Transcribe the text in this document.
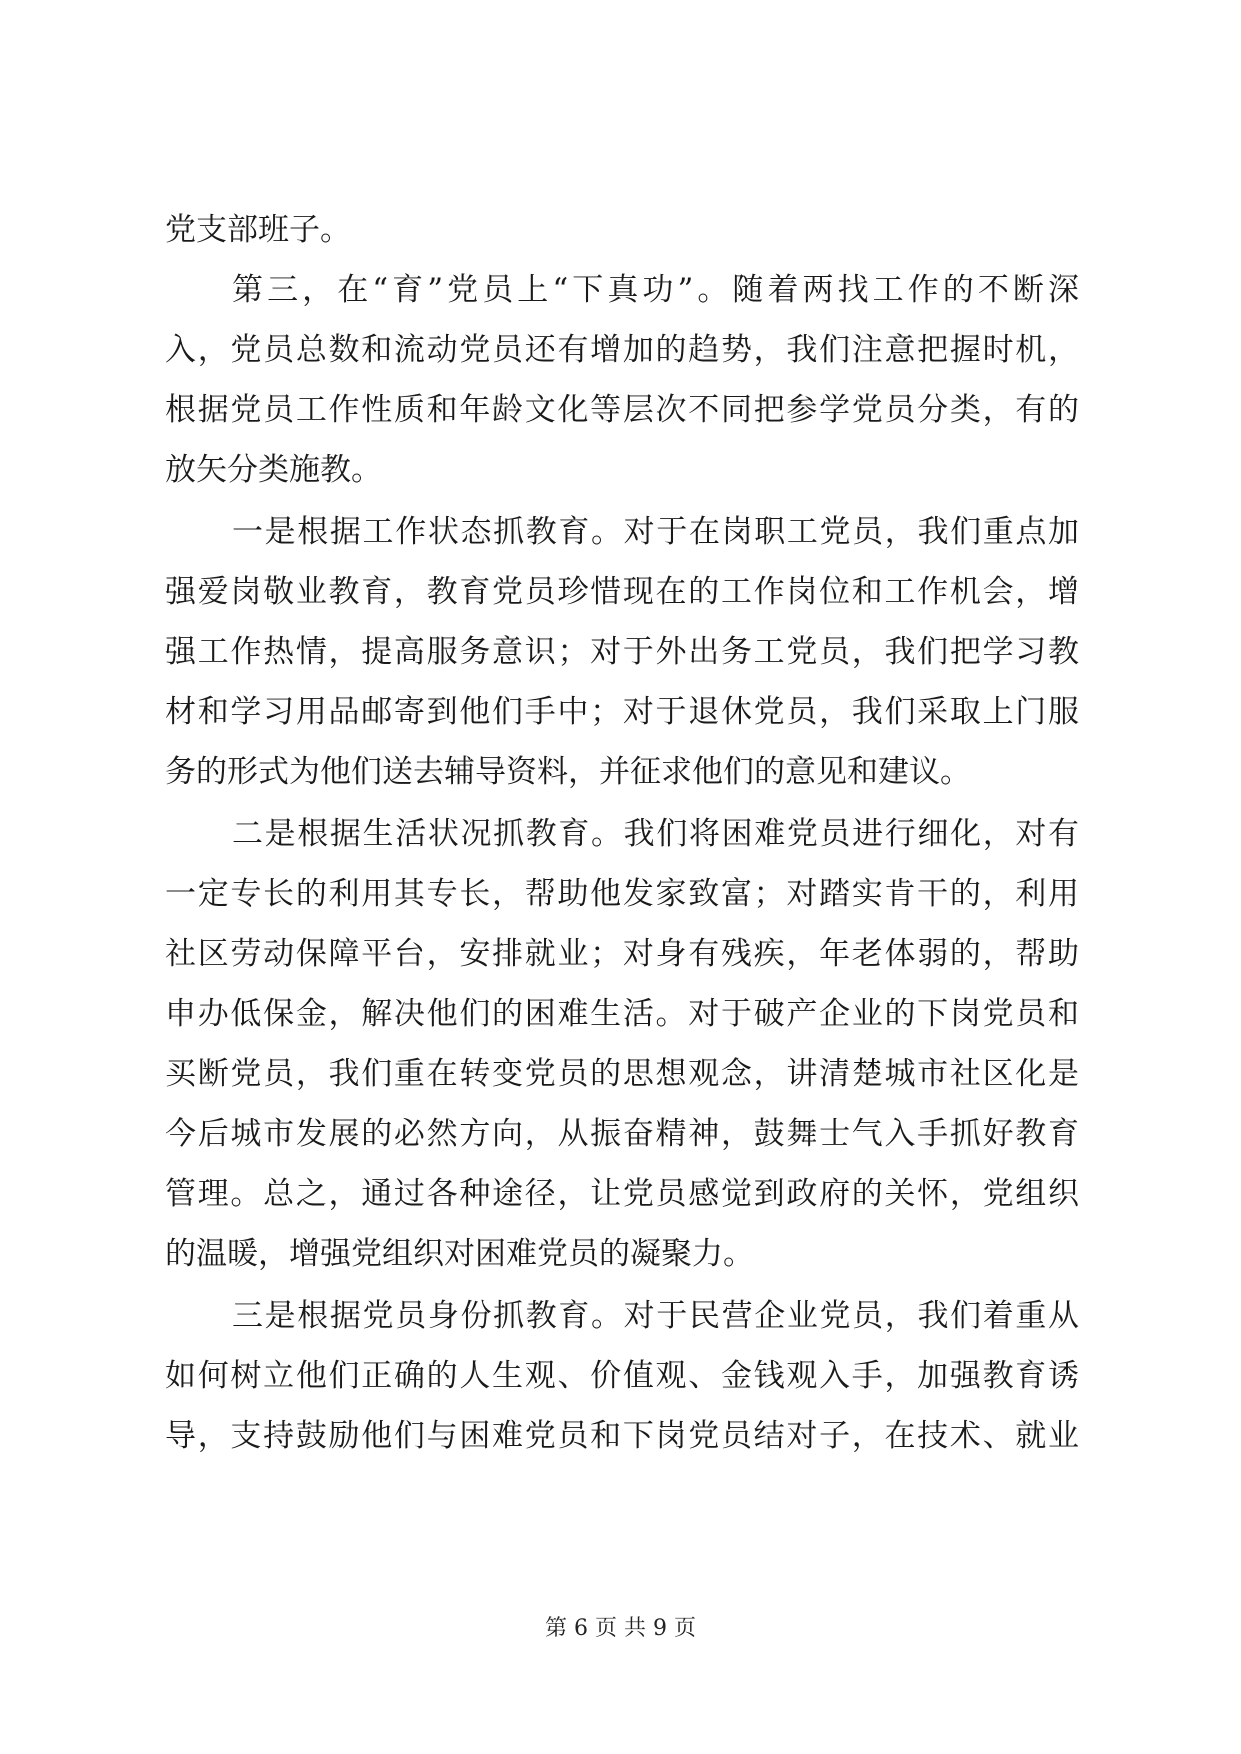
党支部班子。
第三，在“育”党员上“下真功”。随着两找工作的不断深
入，党员总数和流动党员还有增加的趋势，我们注意把握时机，
根据党员工作性质和年龄文化等层次不同把参学党员分类，有的
放矢分类施教。
一是根据工作状态抓教育。对于在岗职工党员，我们重点加
强爱岗敬业教育，教育党员珍惜现在的工作岗位和工作机会，增
强工作热情，提高服务意识；对于外出务工党员，我们把学习教
材和学习用品邮寄到他们手中；对于退休党员，我们采取上门服
务的形式为他们送去辅导资料，并征求他们的意见和建议。
二是根据生活状况抓教育。我们将困难党员进行细化，对有
一定专长的利用其专长，帮助他发家致富；对踏实肯干的，利用
社区劳动保障平台，安排就业；对身有残疾，年老体弱的，帮助
申办低保金，解决他们的困难生活。对于破产企业的下岗党员和
买断党员，我们重在转变党员的思想观念，讲清楚城市社区化是
今后城市发展的必然方向，从振奋精神，鼓舞士气入手抓好教育
管理。总之，通过各种途径，让党员感觉到政府的关怀，党组织
的温暖，增强党组织对困难党员的凝聚力。
三是根据党员身份抓教育。对于民营企业党员，我们着重从
如何树立他们正确的人生观、价值观、金钱观入手，加强教育诱
导，支持鼓励他们与困难党员和下岗党员结对子，在技术、就业
第 6 页 共 9 页
